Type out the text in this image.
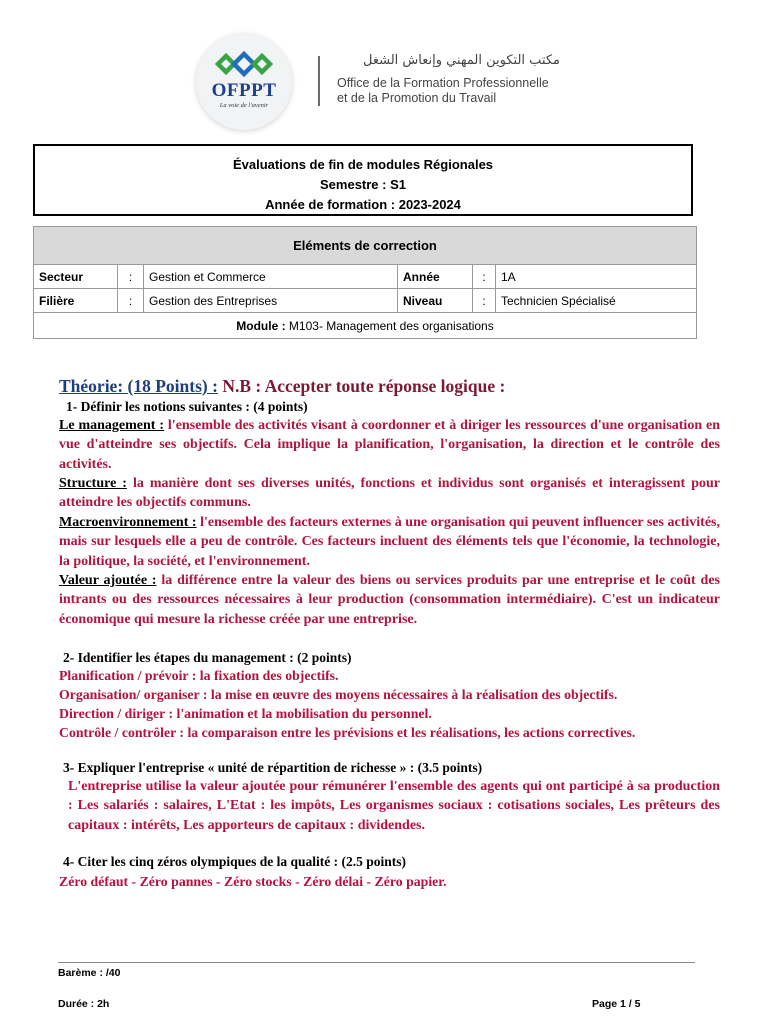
OFPPT
La voie de l'avenir
مكتب التكوين المهني وإنعاش الشغل
Office de la Formation Professionnelle
et de la Promotion du Travail
Évaluations de fin de modules Régionales
Semestre : S1
Année de formation : 2023-2024
Eléments de correction					
Secteur	:	Gestion et Commerce	Année	:	1A
Filière	:	Gestion des Entreprises	Niveau	:	Technicien Spécialisé
Module : M103- Management des organisations					
Théorie: (18 Points) : N.B : Accepter toute réponse logique :
1- Définir les notions suivantes : (4 points)
Le management : l'ensemble des activités visant à coordonner et à diriger les ressources d'une organisation en vue d'atteindre ses objectifs. Cela implique la planification, l'organisation, la direction et le contrôle des activités.
Structure : la manière dont ses diverses unités, fonctions et individus sont organisés et interagissent pour atteindre les objectifs communs.
Macroenvironnement : l'ensemble des facteurs externes à une organisation qui peuvent influencer ses activités, mais sur lesquels elle a peu de contrôle. Ces facteurs incluent des éléments tels que l'économie, la technologie, la politique, la société, et l'environnement.
Valeur ajoutée : la différence entre la valeur des biens ou services produits par une entreprise et le coût des intrants ou des ressources nécessaires à leur production (consommation intermédiaire). C'est un indicateur économique qui mesure la richesse créée par une entreprise.
2- Identifier les étapes du management : (2 points)
Planification / prévoir : la fixation des objectifs.
Organisation/ organiser : la mise en œuvre des moyens nécessaires à la réalisation des objectifs.
Direction / diriger : l'animation et la mobilisation du personnel.
Contrôle / contrôler : la comparaison entre les prévisions et les réalisations, les actions correctives.
3- Expliquer l'entreprise « unité de répartition de richesse » : (3.5 points)
L'entreprise utilise la valeur ajoutée pour rémunérer l'ensemble des agents qui ont participé à sa production : Les salariés : salaires, L'Etat : les impôts, Les organismes sociaux : cotisations sociales, Les prêteurs des capitaux : intérêts, Les apporteurs de capitaux : dividendes.
4- Citer les cinq zéros olympiques de la qualité : (2.5 points)
Zéro défaut - Zéro pannes - Zéro stocks - Zéro délai - Zéro papier.
Barème : /40
Durée : 2h	Page 1 / 5
